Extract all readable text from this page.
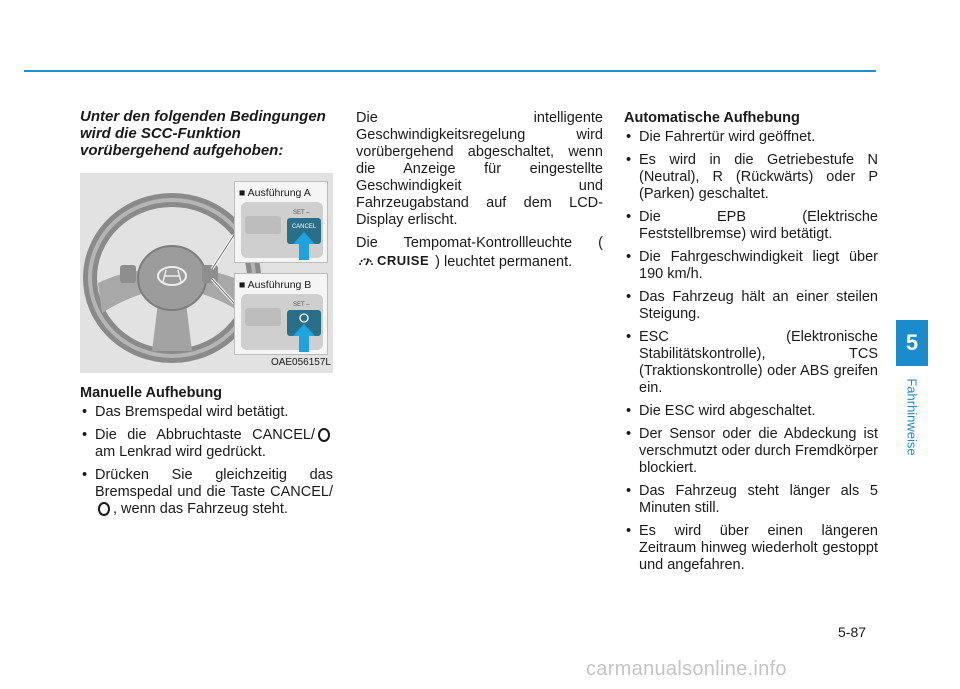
Unter den folgenden Bedingungen wird die SCC-Funktion vorübergehend aufgehoben:
■ Ausführung A
CANCEL
SET –
■ Ausführung B
SET –
OAE056157L
Manuelle Aufhebung
• Das Bremspedal wird betätigt.
• Die die Abbruchtaste CANCEL/am Lenkrad wird gedrückt.
• Drücken Sie gleichzeitig das Bremspedal und die Taste CANCEL/, wenn das Fahrzeug steht.

Die intelligente Geschwindigkeitsregelung wird vorübergehend abgeschaltet, wenn die Anzeige für eingestellte Geschwindigkeit und Fahrzeugabstand auf dem LCD-Display erlischt.

Die Tempomat-Kontrollleuchte (
CRUISE ) leuchtet permanent.

Automatische Aufhebung
• Die Fahrertür wird geöffnet.
• Es wird in die Getriebestufe N (Neutral), R (Rückwärts) oder P (Parken) geschaltet.
• Die EPB (Elektrische Feststellbremse) wird betätigt.
• Die Fahrgeschwindigkeit liegt über 190 km/h.
• Das Fahrzeug hält an einer steilen Steigung.
• ESC (Elektronische Stabilitätskontrolle), TCS (Traktionskontrolle) oder ABS greifen ein.
• Die ESC wird abgeschaltet.
• Der Sensor oder die Abdeckung ist verschmutzt oder durch Fremdkörper blockiert.
• Das Fahrzeug steht länger als 5 Minuten still.
• Es wird über einen längeren Zeitraum hinweg wiederholt gestoppt und angefahren.
5
Fahrhinweise
5-87
carmanualsonline.info
